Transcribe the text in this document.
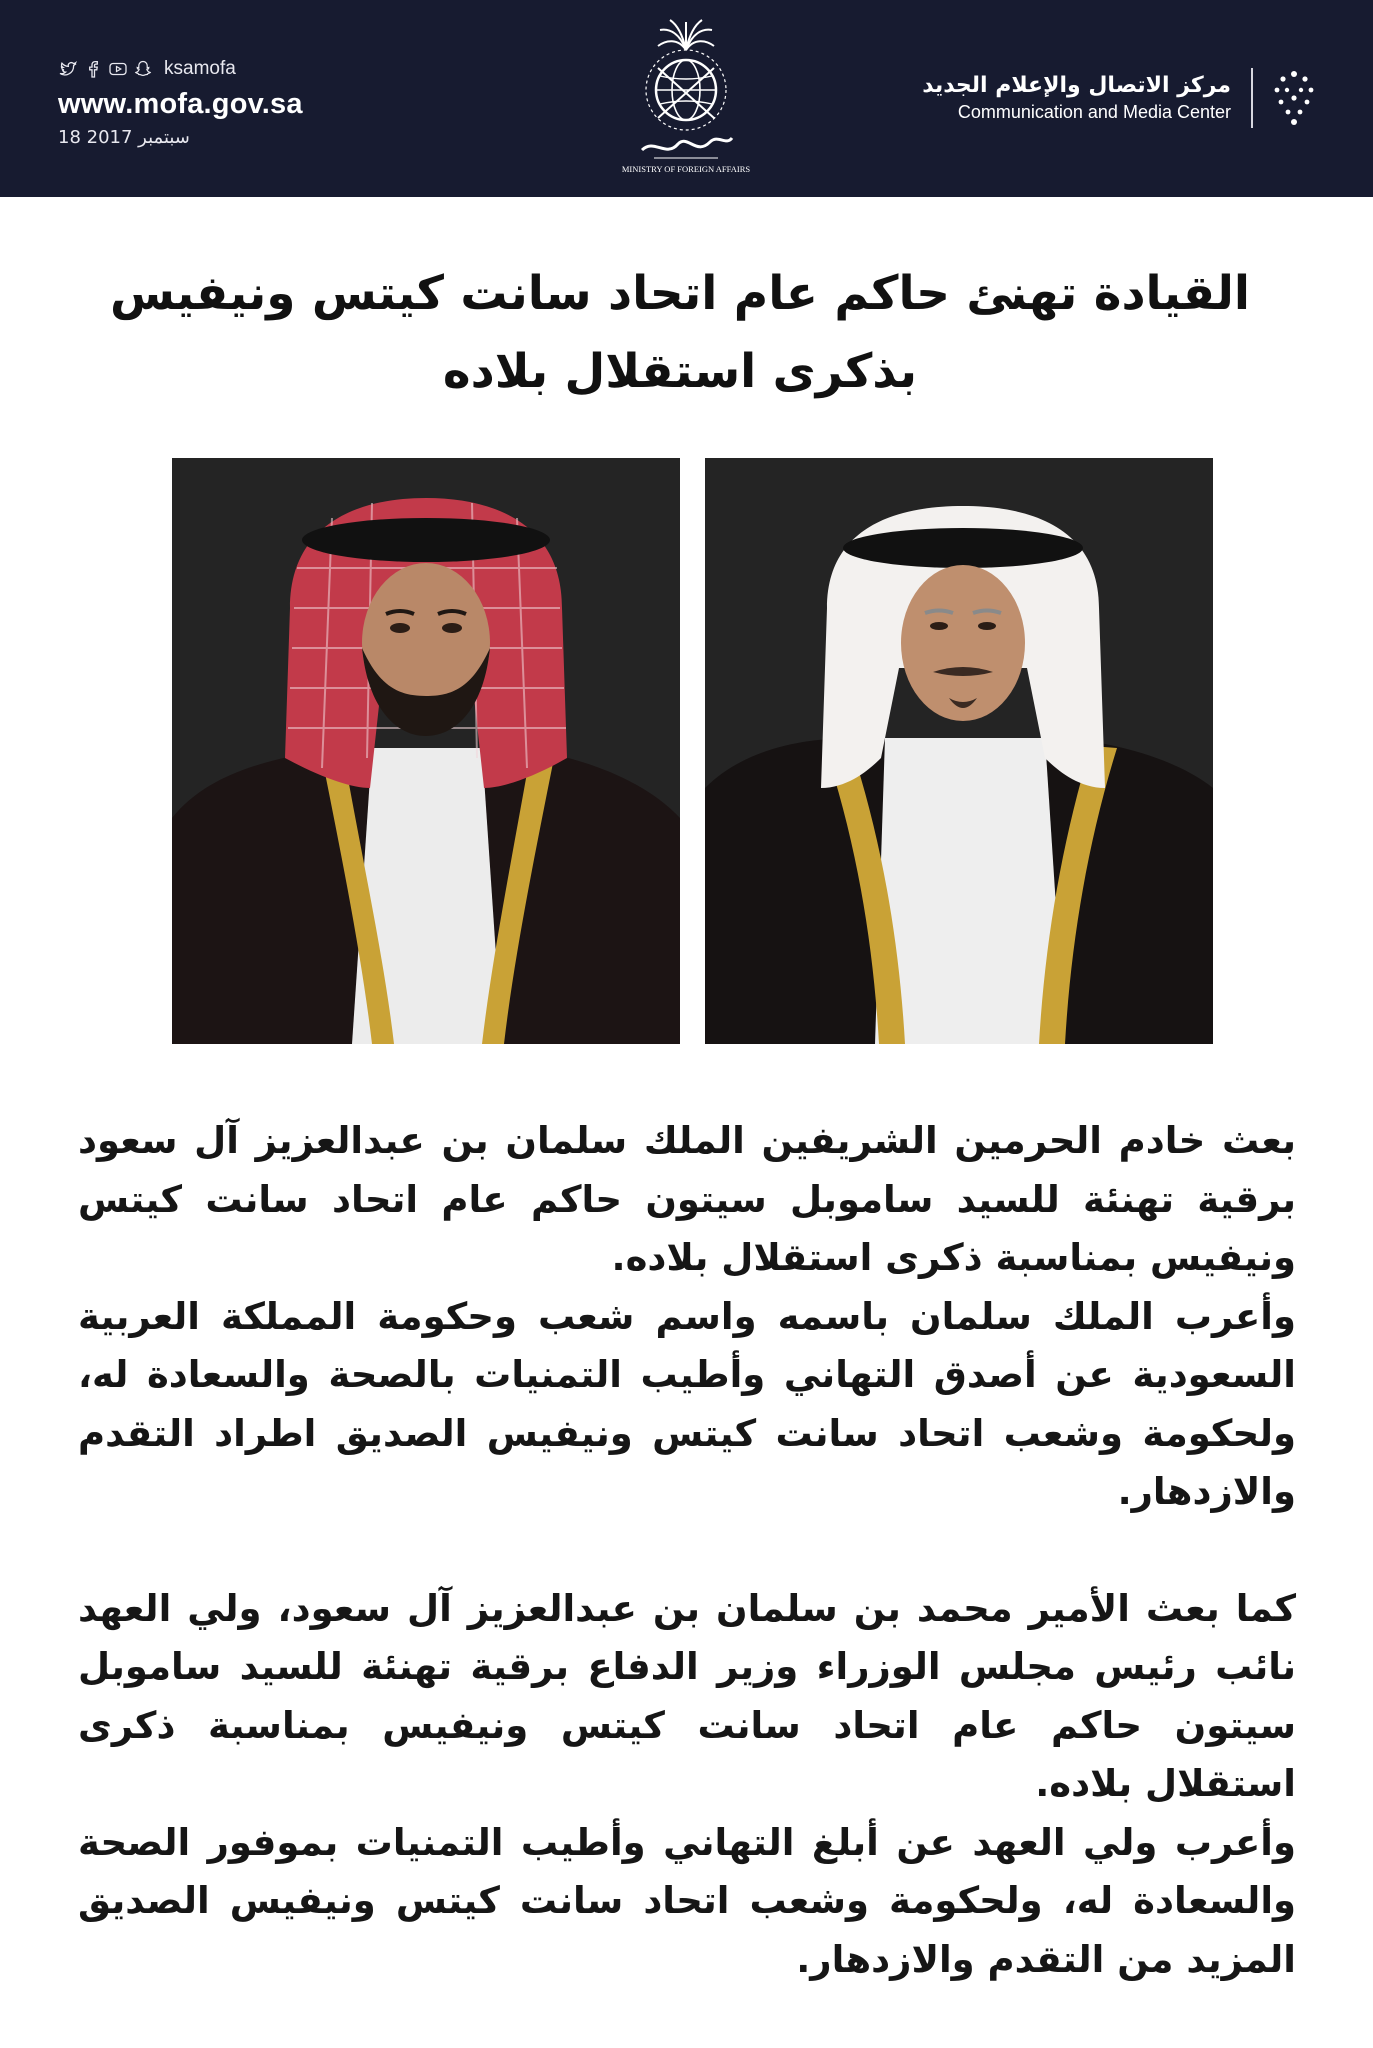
ksamofa
www.mofa.gov.sa
18 سبتمبر 2017
MINISTRY OF FOREIGN AFFAIRS
مركز الاتصال والإعلام الجديد
Communication and Media Center
القيادة تهنئ حاكم عام اتحاد سانت كيتس ونيفيس
بذكرى استقلال بلاده

بعث خادم الحرمين الشريفين الملك سلمان بن عبدالعزيز آل سعود برقية تهنئة للسيد ساموبل سيتون حاكم عام اتحاد سانت كيتس ونيفيس بمناسبة ذكرى استقلال بلاده.

وأعرب الملك سلمان باسمه واسم شعب وحكومة المملكة العربية السعودية عن أصدق التهاني وأطيب التمنيات بالصحة والسعادة له، ولحكومة وشعب اتحاد سانت كيتس ونيفيس الصديق اطراد التقدم والازدهار.

كما بعث الأمير محمد بن سلمان بن عبدالعزيز آل سعود، ولي العهد نائب رئيس مجلس الوزراء وزير الدفاع برقية تهنئة للسيد ساموبل سيتون حاكم عام اتحاد سانت كيتس ونيفيس بمناسبة ذكرى استقلال بلاده.

وأعرب ولي العهد عن أبلغ التهاني وأطيب التمنيات بموفور الصحة والسعادة له، ولحكومة وشعب اتحاد سانت كيتس ونيفيس الصديق المزيد من التقدم والازدهار.
